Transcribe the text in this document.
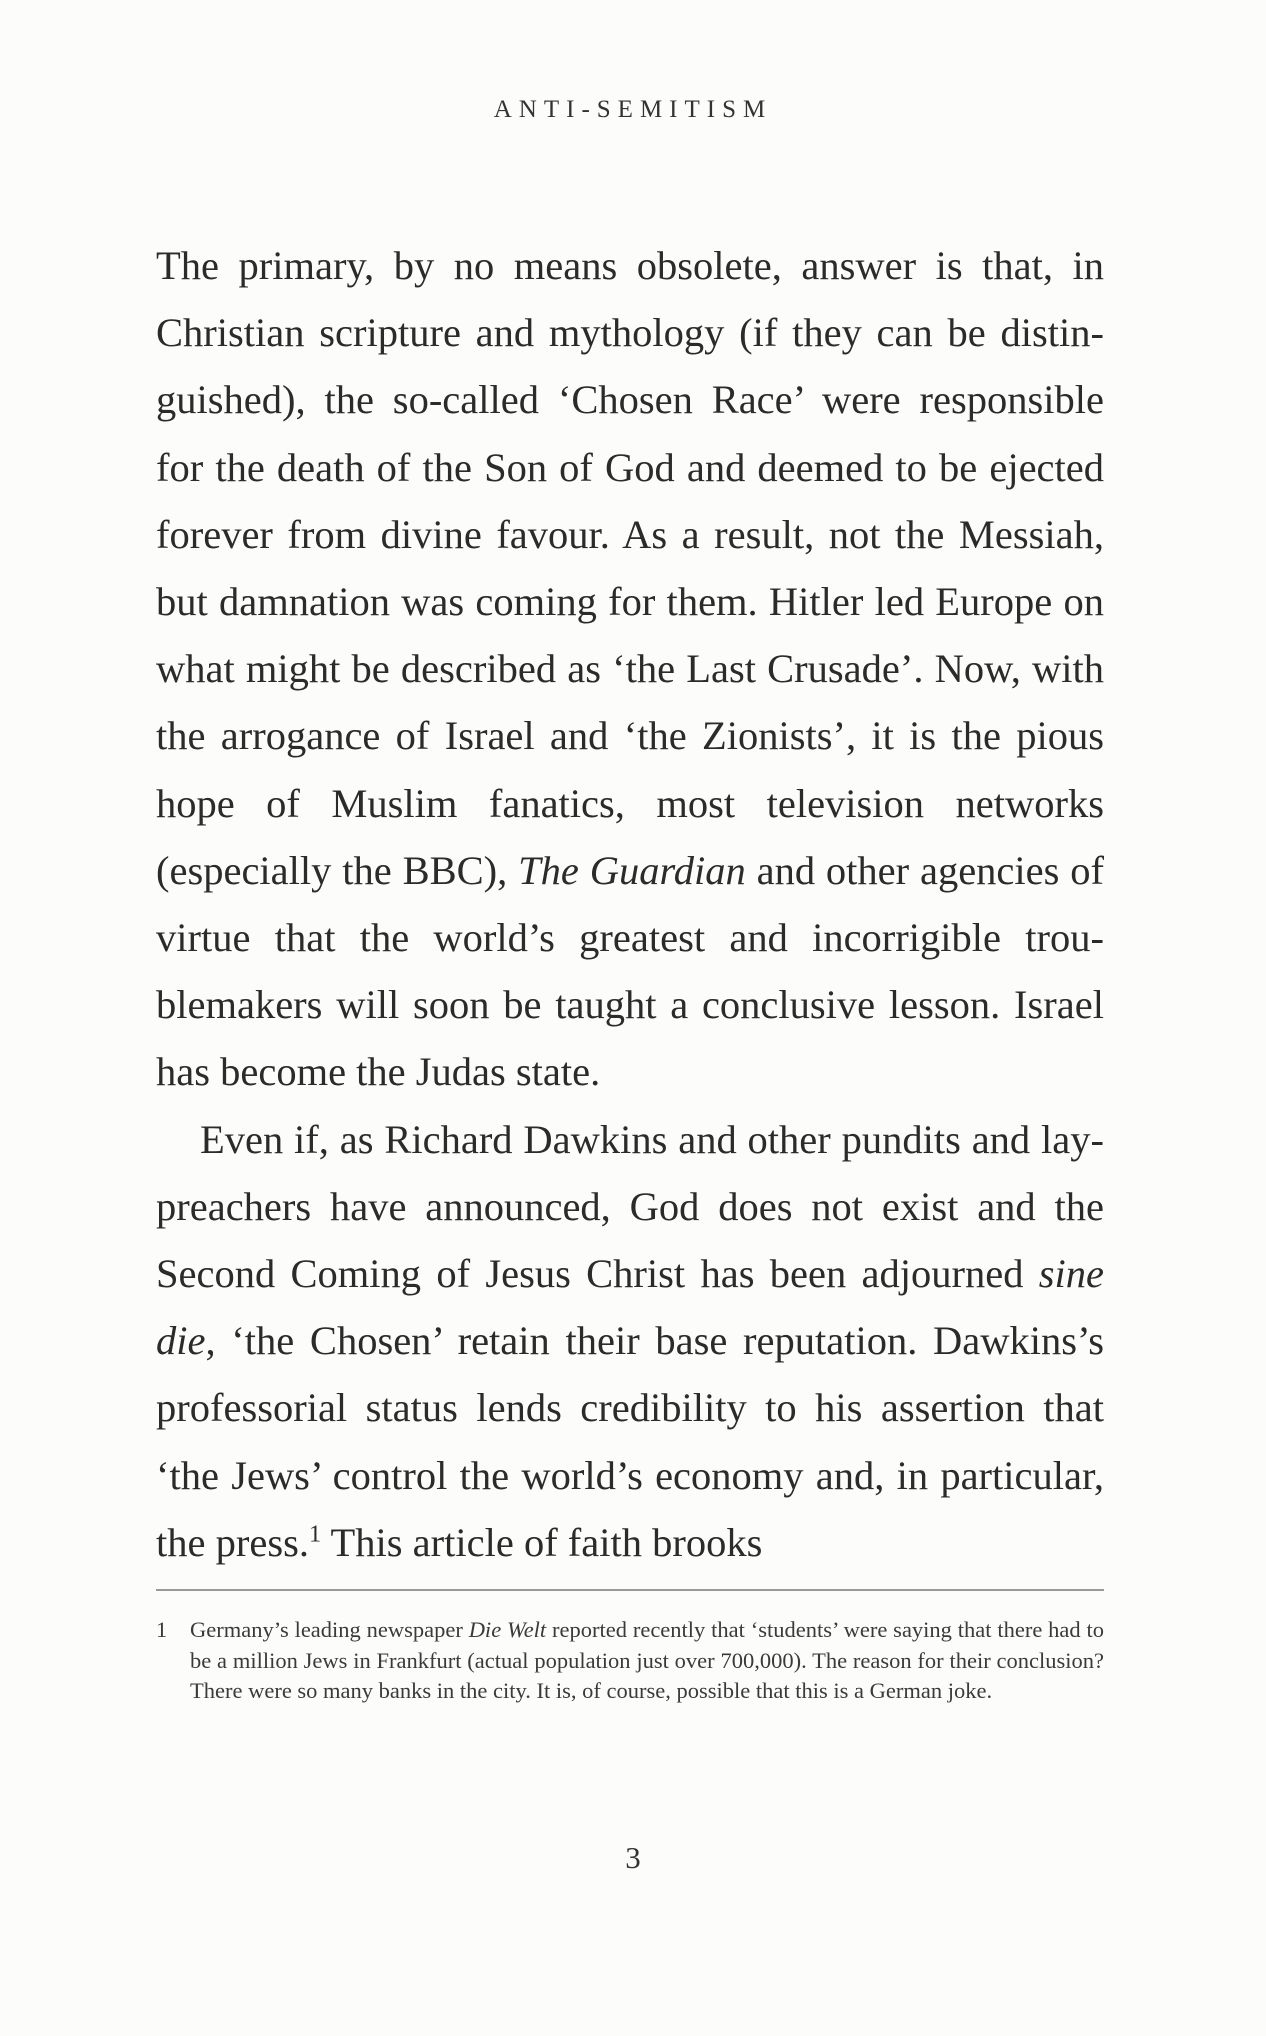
ANTI-SEMITISM

The primary, by no means obsolete, answer is that, in Christian scripture and mythology (if they can be distinguished), the so-called ‘Chosen Race’ were responsible for the death of the Son of God and deemed to be ejected forever from divine favour. As a result, not the Messiah, but damnation was coming for them. Hitler led Europe on what might be described as ‘the Last Crusade’. Now, with the arrogance of Israel and ‘the Zionists’, it is the pious hope of Muslim fanatics, most television networks (especially the BBC), The Guardian and other agencies of virtue that the world’s greatest and incorrigible troublemakers will soon be taught a conclusive lesson. Israel has become the Judas state.

Even if, as Richard Dawkins and other pundits and lay-preachers have announced, God does not exist and the Second Coming of Jesus Christ has been adjourned sine die, ‘the Chosen’ retain their base reputation. Dawkins’s professorial status lends credibility to his assertion that ‘the Jews’ control the world’s economy and, in particular, the press.$^1$ This article of faith brooks

1	Germany’s leading newspaper Die Welt reported recently that ‘students’ were saying that there had to be a million Jews in Frankfurt (actual population just over 700,000). The reason for their conclusion? There were so many banks in the city. It is, of course, possible that this is a German joke.
3
